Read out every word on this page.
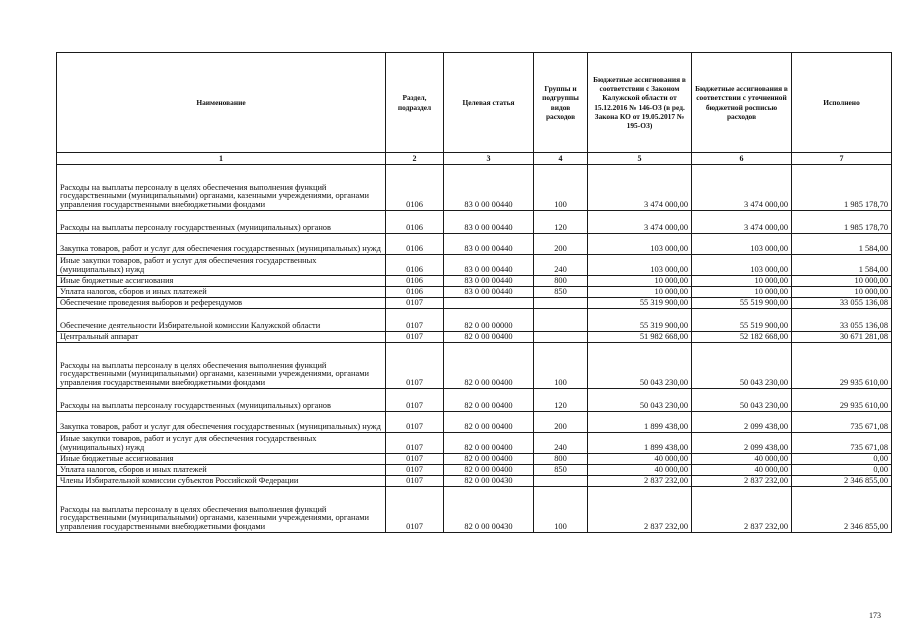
Наименование	Раздел, подраздел	Целевая статья	Группы и подгруппы видов расходов	Бюджетные ассигнования в соответствии с Законом Калужской области от 15.12.2016 № 146-ОЗ (в ред. Закона КО от 19.05.2017 № 195-ОЗ)	Бюджетные ассигнования в соответствии с уточненной бюджетной росписью расходов	Исполнено
1	2	3	4	5	6	7
Расходы на выплаты персоналу в целях обеспечения выполнения функций государственными (муниципальными) органами, казенными учреждениями, органами управления государственными внебюджетными фондами	0106	83 0 00 00440	100	3 474 000,00	3 474 000,00	1 985 178,70
Расходы на выплаты персоналу государственных (муниципальных) органов	0106	83 0 00 00440	120	3 474 000,00	3 474 000,00	1 985 178,70
Закупка товаров, работ и услуг для обеспечения государственных (муниципальных) нужд	0106	83 0 00 00440	200	103 000,00	103 000,00	1 584,00
Иные закупки товаров, работ и услуг для обеспечения государственных (муниципальных) нужд	0106	83 0 00 00440	240	103 000,00	103 000,00	1 584,00
Иные бюджетные ассигнования	0106	83 0 00 00440	800	10 000,00	10 000,00	10 000,00
Уплата налогов, сборов и иных платежей	0106	83 0 00 00440	850	10 000,00	10 000,00	10 000,00
Обеспечение проведения выборов и референдумов	0107			55 319 900,00	55 519 900,00	33 055 136,08
Обеспечение деятельности Избирательной комиссии Калужской области	0107	82 0 00 00000		55 319 900,00	55 519 900,00	33 055 136,08
Центральный аппарат	0107	82 0 00 00400		51 982 668,00	52 182 668,00	30 671 281,08
Расходы на выплаты персоналу в целях обеспечения выполнения функций государственными (муниципальными) органами, казенными учреждениями, органами управления государственными внебюджетными фондами	0107	82 0 00 00400	100	50 043 230,00	50 043 230,00	29 935 610,00
Расходы на выплаты персоналу государственных (муниципальных) органов	0107	82 0 00 00400	120	50 043 230,00	50 043 230,00	29 935 610,00
Закупка товаров, работ и услуг для обеспечения государственных (муниципальных) нужд	0107	82 0 00 00400	200	1 899 438,00	2 099 438,00	735 671,08
Иные закупки товаров, работ и услуг для обеспечения государственных (муниципальных) нужд	0107	82 0 00 00400	240	1 899 438,00	2 099 438,00	735 671,08
Иные бюджетные ассигнования	0107	82 0 00 00400	800	40 000,00	40 000,00	0,00
Уплата налогов, сборов и иных платежей	0107	82 0 00 00400	850	40 000,00	40 000,00	0,00
Члены Избирательной комиссии субъектов Российской Федерации	0107	82 0 00 00430		2 837 232,00	2 837 232,00	2 346 855,00
Расходы на выплаты персоналу в целях обеспечения выполнения функций государственными (муниципальными) органами, казенными учреждениями, органами управления государственными внебюджетными фондами	0107	82 0 00 00430	100	2 837 232,00	2 837 232,00	2 346 855,00
173
